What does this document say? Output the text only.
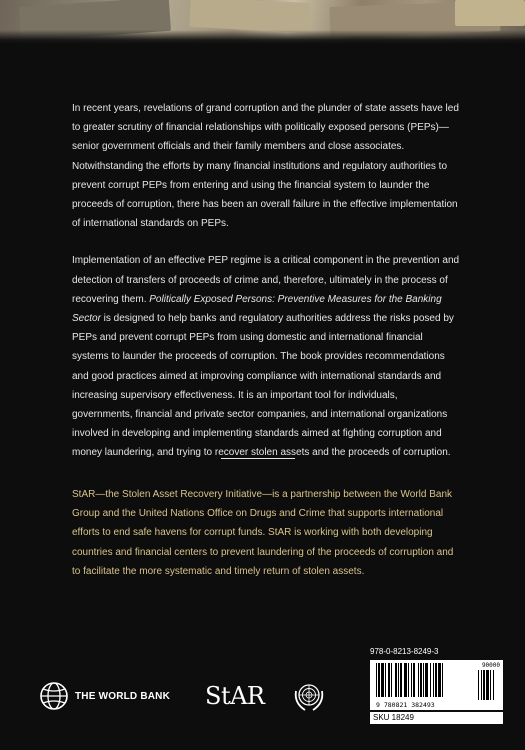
In recent years, revelations of grand corruption and the plunder of state assets have led to greater scrutiny of financial relationships with politically exposed persons (PEPs)—senior government officials and their family members and close associates. Notwithstanding the efforts by many financial institutions and regulatory authorities to prevent corrupt PEPs from entering and using the financial system to launder the proceeds of corruption, there has been an overall failure in the effective implementation of international standards on PEPs.

Implementation of an effective PEP regime is a critical component in the prevention and detection of transfers of proceeds of crime and, therefore, ultimately in the process of recovering them. Politically Exposed Persons: Preventive Measures for the Banking Sector is designed to help banks and regulatory authorities address the risks posed by PEPs and prevent corrupt PEPs from using domestic and international financial systems to launder the proceeds of corruption. The book provides recommendations and good practices aimed at improving compliance with international standards and increasing supervisory effectiveness. It is an important tool for individuals, governments, financial and private sector companies, and international organizations involved in developing and implementing standards aimed at fighting corruption and money laundering, and trying to recover stolen assets and the proceeds of corruption.

StAR—the Stolen Asset Recovery Initiative—is a partnership between the World Bank Group and the United Nations Office on Drugs and Crime that supports international efforts to end safe havens for corrupt funds. StAR is working with both developing countries and financial centers to prevent laundering of the proceeds of corruption and to facilitate the more systematic and timely return of stolen assets.

THE WORLD BANK StAR
978-0-8213-8249-3
9 780821 382493
90000
SKU 18249
